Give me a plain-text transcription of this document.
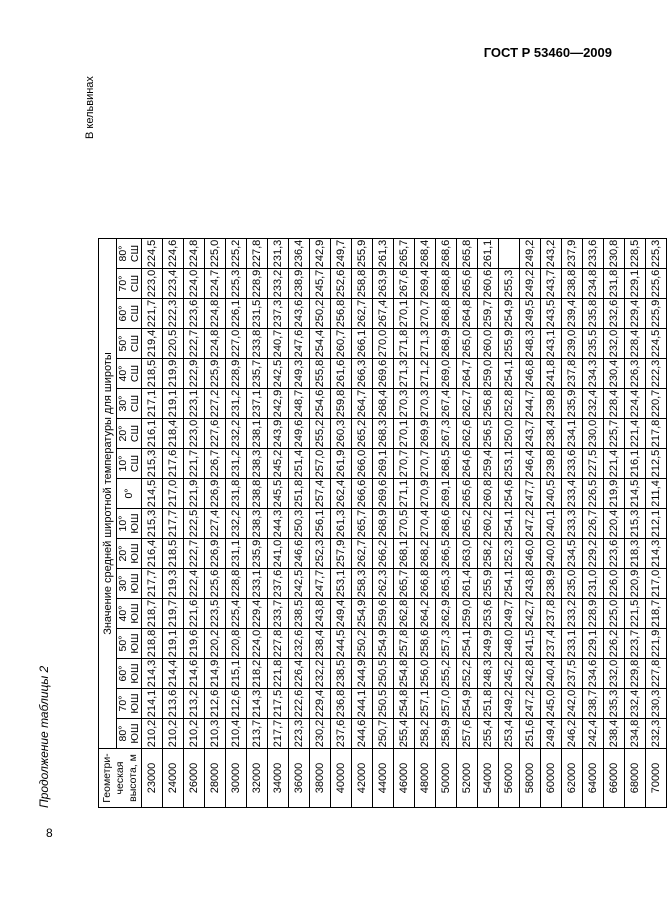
ГОСТ Р 53460—2009
8
Продолжение таблицы 2
В кельвинах
Геометри-
ческая
высота, м	Значение средней широтной температуры для широты																
	80° ЮШ	70° ЮШ	60° ЮШ	50° ЮШ	40° ЮШ	30° ЮШ	20° ЮШ	10° ЮШ	0°	10° СШ	20° СШ	30° СШ	40° СШ	50° СШ	60° СШ	70° СШ	80° СШ
23000	210,2	214,1	214,3	218,8	218,7	217,7	216,4	215,3	214,5	215,3	216,1	217,1	218,5	219,4	221,7	223,0	224,5
24000	210,2	213,6	214,4	219,1	219,7	219,3	218,5	217,7	217,0	217,6	218,4	219,1	219,9	220,5	222,3	223,4	224,6
26000	210,2	213,2	214,6	219,6	221,6	222,4	222,7	222,5	221,9	221,7	223,0	223,1	222,9	222,7	223,6	224,0	224,8
28000	210,3	212,6	214,9	220,2	223,5	225,6	226,9	227,4	226,9	226,7	227,6	227,2	225,9	224,8	224,8	224,7	225,0
30000	210,4	212,6	215,1	220,8	225,4	228,8	231,1	232,2	231,8	231,2	232,2	231,2	228,9	227,0	226,1	225,3	225,2
32000	213,7	214,3	218,2	224,0	229,4	233,1	235,9	238,3	238,8	238,3	238,1	237,1	235,7	233,8	231,5	228,9	227,8
34000	217,7	217,5	221,8	227,8	233,7	237,6	241,0	244,3	245,5	245,2	243,9	242,9	242,5	240,7	237,3	233,2	231,3
36000	223,3	222,6	226,4	232,6	238,5	242,5	246,6	250,3	251,8	251,4	249,6	248,7	249,3	247,6	243,6	238,9	236,4
38000	230,2	229,4	232,2	238,4	243,8	247,7	252,3	256,1	257,4	257,0	255,2	254,6	255,8	254,4	250,2	245,7	242,9
40000	237,6	236,8	238,5	244,5	249,4	253,1	257,9	261,3	262,4	261,9	260,3	259,8	261,6	260,7	256,8	252,6	249,7
42000	244,6	244,1	244,9	250,2	254,9	258,3	262,7	265,7	266,6	266,0	265,2	264,7	266,3	266,1	262,7	258,8	255,9
44000	250,7	250,5	250,5	254,9	259,6	262,3	266,2	268,9	269,6	269,1	268,3	268,4	269,6	270,0	267,4	263,9	261,3
46000	255,4	254,8	254,8	257,8	262,8	265,7	268,1	270,5	271,1	270,7	270,1	270,3	271,3	271,8	270,1	267,6	265,7
48000	258,2	257,1	256,0	258,6	264,2	266,8	268,2	270,4	270,9	270,7	269,9	270,3	271,2	271,3	270,7	269,4	268,4
50000	258,9	257,0	255,2	257,3	262,9	265,3	266,5	268,6	269,1	268,5	267,3	267,4	269,0	268,9	268,8	268,8	268,6
52000	257,6	254,9	252,2	254,1	259,0	261,4	263,0	265,2	265,6	264,6	262,6	262,7	264,7	265,0	264,8	265,6	265,8
54000	255,4	251,8	248,3	249,9	253,6	255,9	258,2	260,2	260,8	259,4	256,5	256,8	259,0	260,0	259,7	260,6	261,1
56000	253,4	249,2	245,2	248,0	249,7	254,1	252,3	254,1	254,6	253,1	250,0	252,8	254,1	255,9	254,9	255,3	
58000	251,6	247,2	242,8	241,5	242,7	243,8	246,0	247,2	247,7	246,4	243,7	244,7	246,8	248,3	249,5	249,2	249,2
60000	249,4	245,0	240,4	237,4	237,8	238,9	240,0	240,1	240,5	239,8	238,4	239,8	241,8	243,1	243,5	243,7	243,2
62000	246,2	242,0	237,5	233,1	233,2	235,0	234,5	233,3	233,4	233,6	234,1	235,9	237,8	239,0	239,4	238,8	237,9
64000	242,4	238,7	234,6	229,1	228,9	231,0	229,2	226,7	226,5	227,5	230,0	232,4	234,3	235,5	235,8	234,8	233,6
66000	238,4	235,3	232,0	226,2	225,0	226,0	223,6	220,4	219,9	221,4	225,7	228,4	230,4	232,0	232,6	231,8	230,8
68000	234,8	232,4	229,8	223,7	221,5	220,9	218,3	215,3	214,5	216,1	221,4	224,4	226,3	228,4	229,4	229,1	228,5
70000	232,3	230,3	227,8	221,9	218,7	217,0	214,3	212,1	211,4	212,5	217,8	220,7	222,3	224,5	225,9	225,6	225,3
